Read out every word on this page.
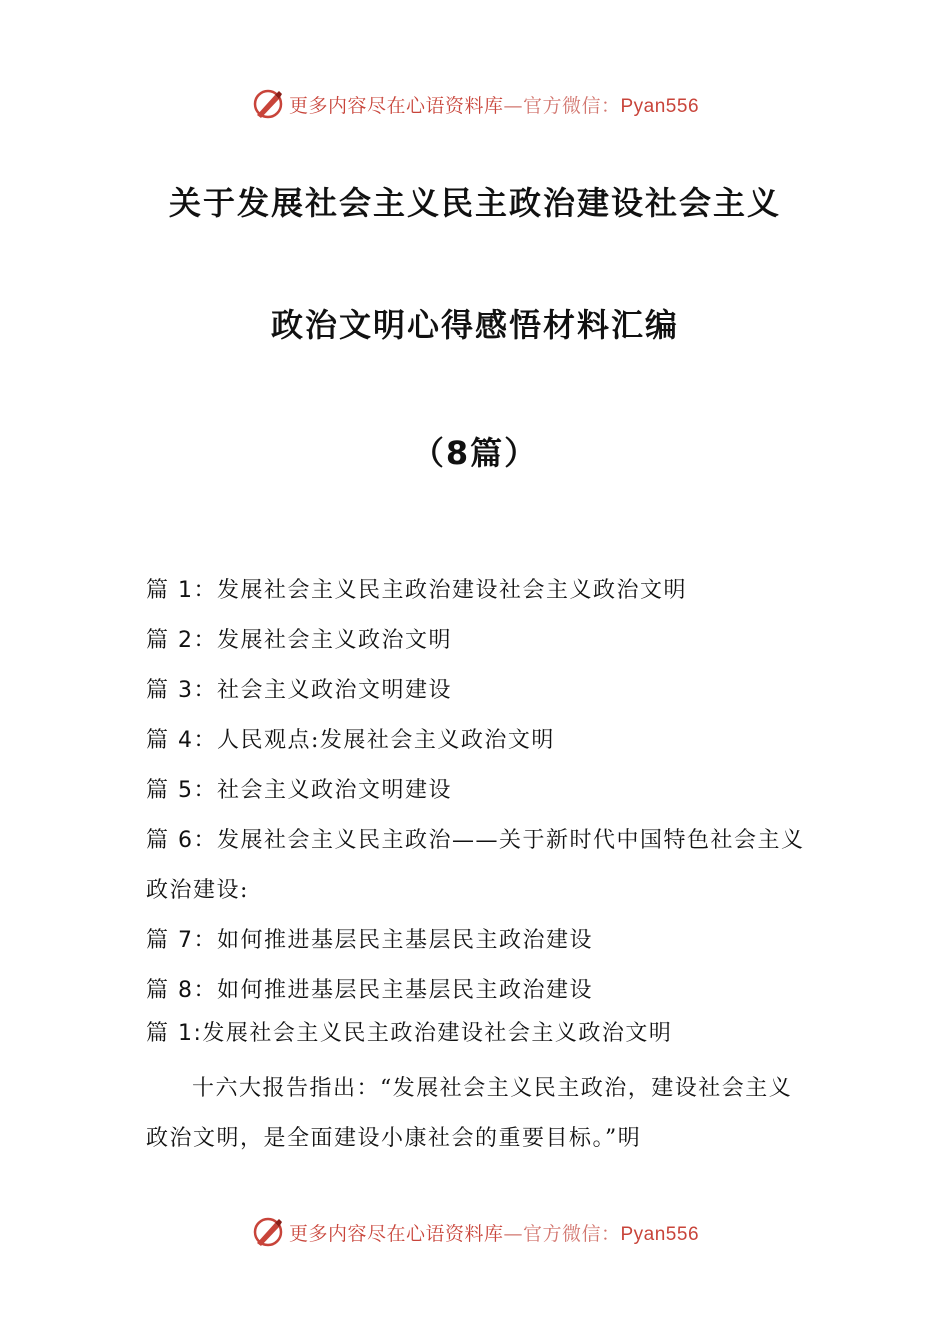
更多内容尽在心语资料库—官方微信：Pyan556
关于发展社会主义民主政治建设社会主义
政治文明心得感悟材料汇编
（8篇）
篇 1：发展社会主义民主政治建设社会主义政治文明
篇 2：发展社会主义政治文明
篇 3：社会主义政治文明建设
篇 4：人民观点:发展社会主义政治文明
篇 5：社会主义政治文明建设
篇 6：发展社会主义民主政治——关于新时代中国特色社会主义政治建设:
篇 7：如何推进基层民主基层民主政治建设
篇 8：如何推进基层民主基层民主政治建设
篇 1:发展社会主义民主政治建设社会主义政治文明

十六大报告指出：“发展社会主义民主政治，建设社会主义政治文明，是全面建设小康社会的重要目标。”明

更多内容尽在心语资料库—官方微信：Pyan556
